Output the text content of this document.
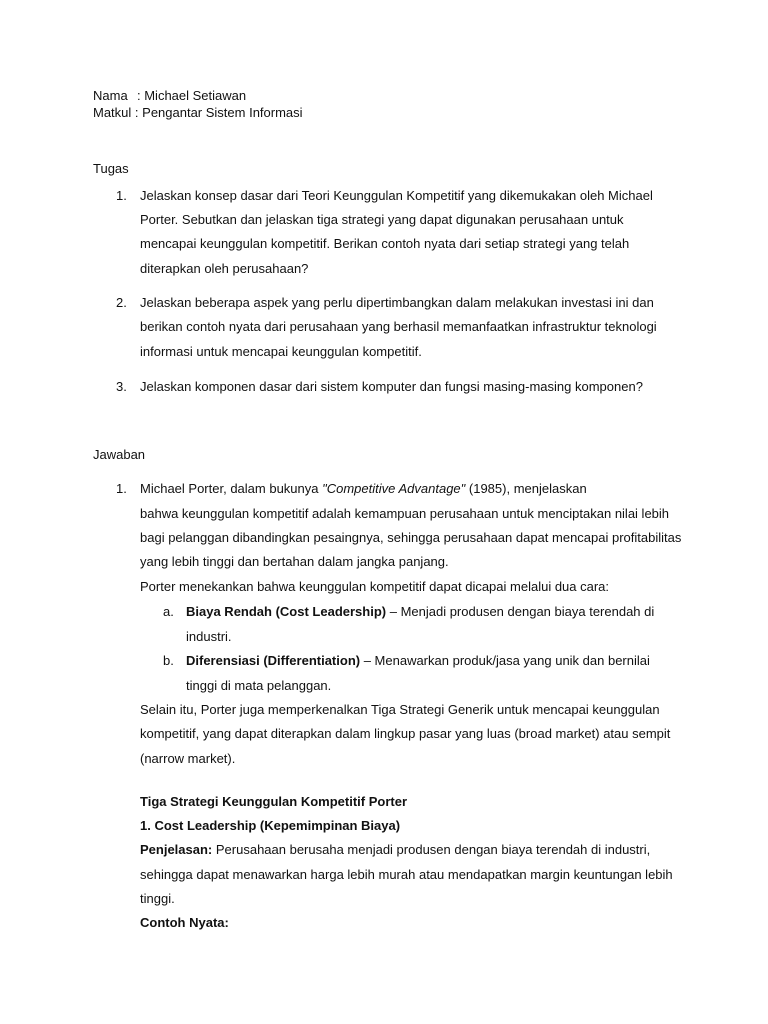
Nama : Michael Setiawan
Matkul : Pengantar Sistem Informasi
Tugas
1. Jelaskan konsep dasar dari Teori Keunggulan Kompetitif yang dikemukakan oleh Michael
Porter. Sebutkan dan jelaskan tiga strategi yang dapat digunakan perusahaan untuk
mencapai keunggulan kompetitif. Berikan contoh nyata dari setiap strategi yang telah
diterapkan oleh perusahaan?
2. Jelaskan beberapa aspek yang perlu dipertimbangkan dalam melakukan investasi ini dan
berikan contoh nyata dari perusahaan yang berhasil memanfaatkan infrastruktur teknologi
informasi untuk mencapai keunggulan kompetitif.
3. Jelaskan komponen dasar dari sistem komputer dan fungsi masing-masing komponen?
Jawaban
1. Michael Porter, dalam bukunya "Competitive Advantage" (1985), menjelaskan
bahwa keunggulan kompetitif adalah kemampuan perusahaan untuk menciptakan nilai lebih
bagi pelanggan dibandingkan pesaingnya, sehingga perusahaan dapat mencapai profitabilitas
yang lebih tinggi dan bertahan dalam jangka panjang.
Porter menekankan bahwa keunggulan kompetitif dapat dicapai melalui dua cara:
a. Biaya Rendah (Cost Leadership) – Menjadi produsen dengan biaya terendah di
industri.
b. Diferensiasi (Differentiation) – Menawarkan produk/jasa yang unik dan bernilai
tinggi di mata pelanggan.
Selain itu, Porter juga memperkenalkan Tiga Strategi Generik untuk mencapai keunggulan
kompetitif, yang dapat diterapkan dalam lingkup pasar yang luas (broad market) atau sempit
(narrow market).
Tiga Strategi Keunggulan Kompetitif Porter
1. Cost Leadership (Kepemimpinan Biaya)
Penjelasan: Perusahaan berusaha menjadi produsen dengan biaya terendah di industri,
sehingga dapat menawarkan harga lebih murah atau mendapatkan margin keuntungan lebih
tinggi.
Contoh Nyata:
